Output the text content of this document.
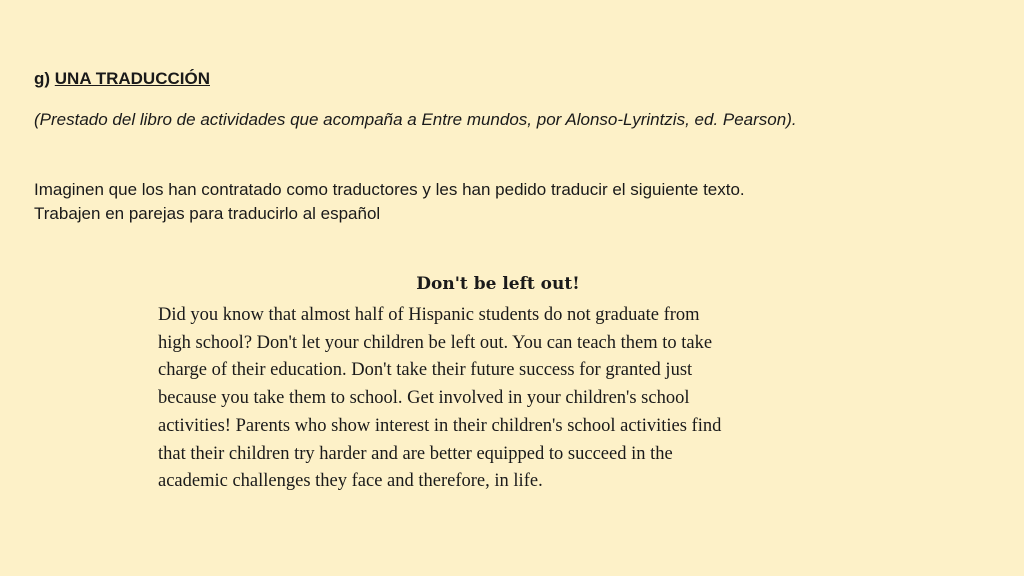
g) UNA TRADUCCIÓN
(Prestado del libro de actividades que acompaña a Entre mundos, por Alonso-Lyrintzis, ed. Pearson).
Imaginen que los han contratado como traductores y les han pedido traducir el siguiente texto.
Trabajen en parejas para traducirlo al español
Don't be left out!
Did you know that almost half of Hispanic students do not graduate from
high school? Don't let your children be left out. You can teach them to take
charge of their education. Don't take their future success for granted just
because you take them to school. Get involved in your children's school
activities! Parents who show interest in their children's school activities find
that their children try harder and are better equipped to succeed in the
academic challenges they face and therefore, in life.
